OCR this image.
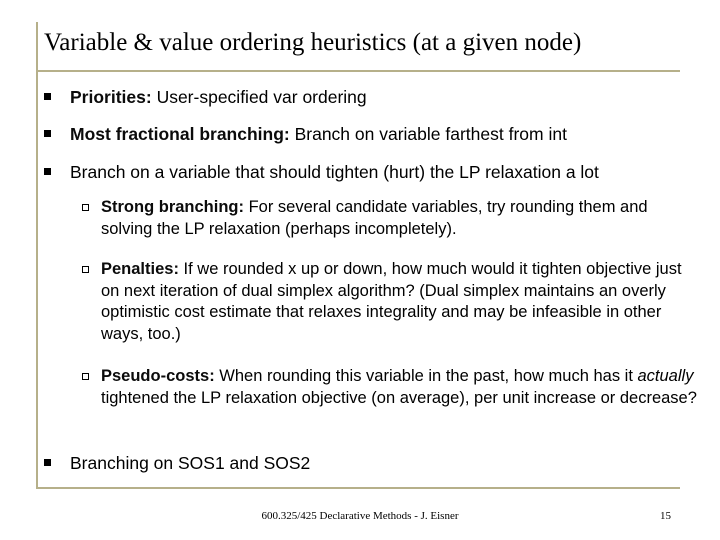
Variable & value ordering heuristics (at a given node)
Priorities: User-specified var ordering
Most fractional branching: Branch on variable farthest from int
Branch on a variable that should tighten (hurt) the LP relaxation a lot
Strong branching: For several candidate variables, try rounding them and solving the LP relaxation (perhaps incompletely).
Penalties: If we rounded x up or down, how much would it tighten objective just on next iteration of dual simplex algorithm? (Dual simplex maintains an overly optimistic cost estimate that relaxes integrality and may be infeasible in other ways, too.)
Pseudo-costs: When rounding this variable in the past, how much has it actually tightened the LP relaxation objective (on average), per unit increase or decrease?
Branching on SOS1 and SOS2
600.325/425 Declarative Methods - J. Eisner	15
